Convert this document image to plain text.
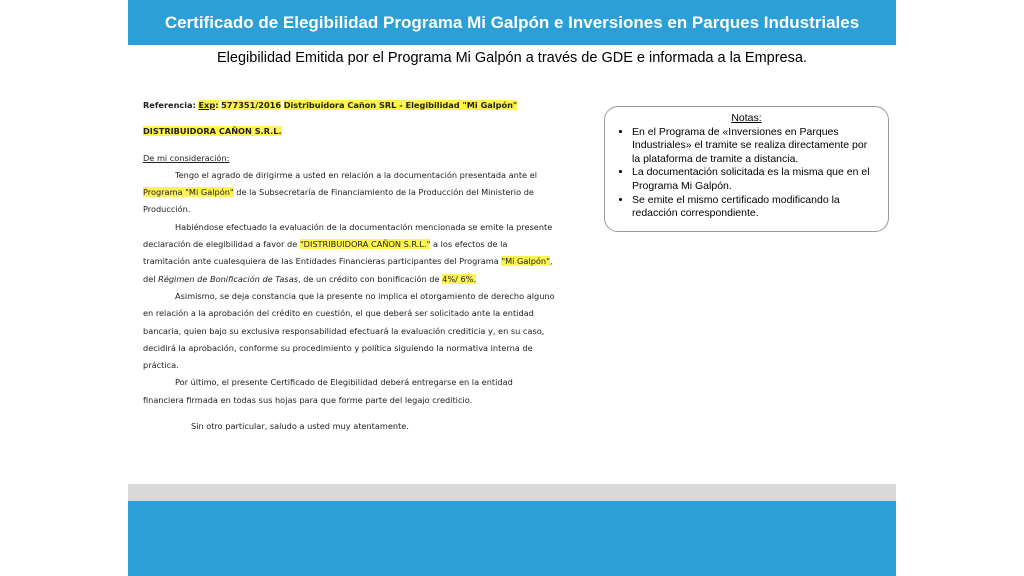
Certificado de Elegibilidad Programa Mi Galpón e Inversiones en Parques Industriales
Elegibilidad Emitida por el Programa Mi Galpón a través de GDE e informada a la Empresa.
Referencia: Exp: 577351/2016 Distribuidora Cañon SRL - Elegibilidad "Mi Galpón"
DISTRIBUIDORA CAÑON S.R.L.
De mi consideración:
Tengo el agrado de dirigirme a usted en relación a la documentación presentada ante el
Programa "Mi Galpón" de la Subsecretaría de Financiamiento de la Producción del Ministerio de
Producción.
Habiéndose efectuado la evaluación de la documentación mencionada se emite la presente
declaración de elegibilidad a favor de "DISTRIBUIDORA CAÑON S.R.L." a los efectos de la
tramitación ante cualesquiera de las Entidades Financieras participantes del Programa "Mi Galpón",
del Régimen de Bonificación de Tasas, de un crédito con bonificación de 4%/ 6%.
Asimismo, se deja constancia que la presente no implica el otorgamiento de derecho alguno
en relación a la aprobación del crédito en cuestión, el que deberá ser solicitado ante la entidad
bancaria, quien bajo su exclusiva responsabilidad efectuará la evaluación crediticia y, en su caso,
decidirá la aprobación, conforme su procedimiento y política siguiendo la normativa interna de
práctica.
Por último, el presente Certificado de Elegibilidad deberá entregarse en la entidad
financiera firmada en todas sus hojas para que forme parte del legajo crediticio.
Sin otro particular, saludo a usted muy atentamente.
Notas:
• En el Programa de «Inversiones en Parques Industriales» el tramite se realiza directamente por la plataforma de tramite a distancia.
• La documentación solicitada es la misma que en el Programa Mi Galpón.
• Se emite el mismo certificado modificando la redacción correspondiente.
